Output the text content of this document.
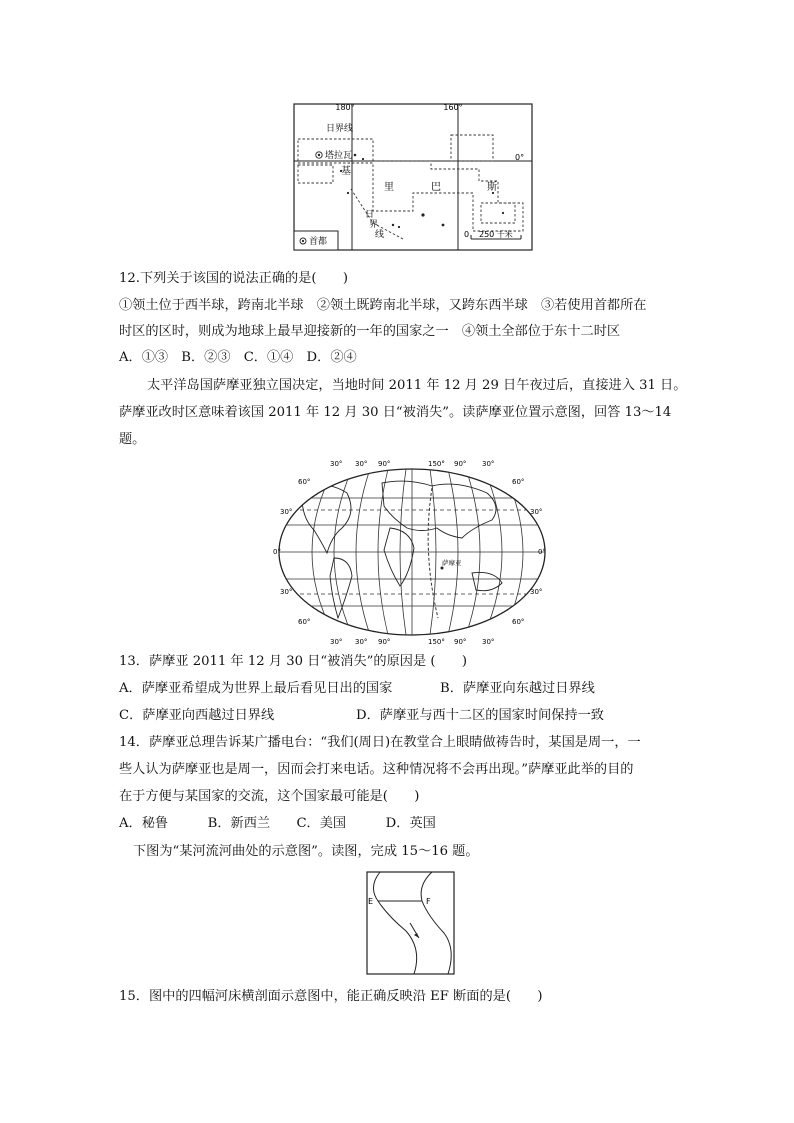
180°	160°
日界线
塔拉瓦	0°
基
里	巴	斯
日
界
线	0 250 千米
首都
12.下列关于该国的说法正确的是(　　)
①领土位于西半球，跨南北半球　②领土既跨南北半球，又跨东西半球　③若使用首都所在
时区的区时，则成为地球上最早迎接新的一年的国家之一　④领土全部位于东十二时区
A．①③　B．②③　C．①④　D．②④
太平洋岛国萨摩亚独立国决定，当地时间 2011 年 12 月 29 日午夜过后，直接进入 31 日。
萨摩亚改时区意味着该国 2011 年 12 月 30 日“被消失”。读萨摩亚位置示意图，回答 13～14
题。
萨摩亚
30° 30° 90°	150° 90° 30°
30° 30° 90°	150° 90° 30°
60°
30°
0°
30°
60°
60°
30°
0°
30°
60°
13．萨摩亚 2011 年 12 月 30 日“被消失”的原因是 (　　)
A．萨摩亚希望成为世界上最后看见日出的国家	B．萨摩亚向东越过日界线
C．萨摩亚向西越过日界线	D．萨摩亚与西十二区的国家时间保持一致
14．萨摩亚总理告诉某广播电台：“我们(周日)在教堂合上眼睛做祷告时，某国是周一，一
些人认为萨摩亚也是周一，因而会打来电话。这种情况将不会再出现。”萨摩亚此举的目的
在于方便与某国家的交流，这个国家最可能是(　　)
A．秘鲁　　　B．新西兰　　C．美国　　　D．英国
下图为“某河流河曲处的示意图”。读图，完成 15～16 题。
E	F
15．图中的四幅河床横剖面示意图中，能正确反映沿 EF 断面的是(　　)
